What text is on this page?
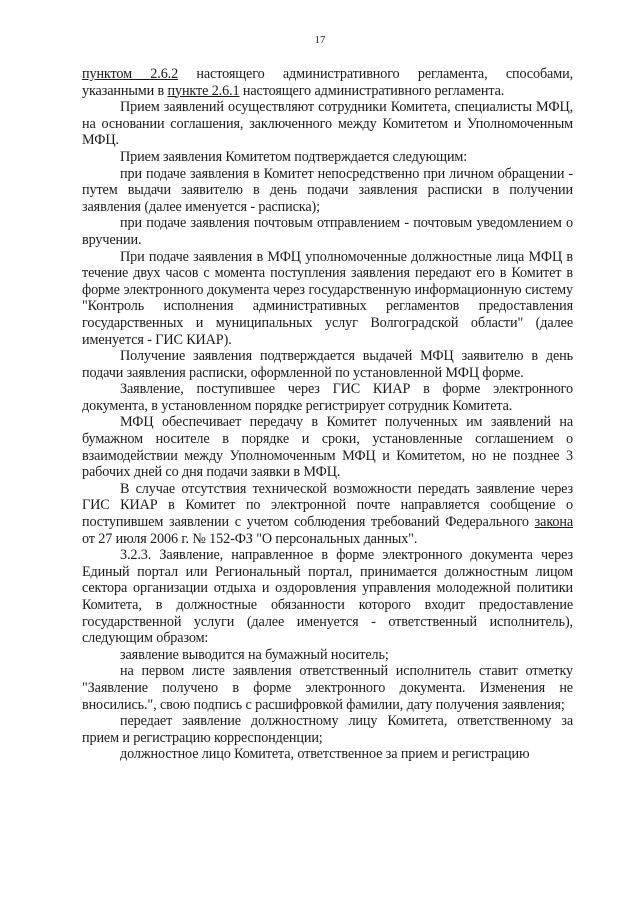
17

пунктом 2.6.2 настоящего административного регламента, способами, указанными в пункте 2.6.1 настоящего административного регламента.

Прием заявлений осуществляют сотрудники Комитета, специалисты МФЦ, на основании соглашения, заключенного между Комитетом и Уполномоченным МФЦ.

Прием заявления Комитетом подтверждается следующим:

при подаче заявления в Комитет непосредственно при личном обращении - путем выдачи заявителю в день подачи заявления расписки в получении заявления (далее именуется - расписка);

при подаче заявления почтовым отправлением - почтовым уведомлением о вручении.

При подаче заявления в МФЦ уполномоченные должностные лица МФЦ в течение двух часов с момента поступления заявления передают его в Комитет в форме электронного документа через государственную информационную систему "Контроль исполнения административных регламентов предоставления государственных и муниципальных услуг Волгоградской области" (далее именуется - ГИС КИАР).

Получение заявления подтверждается выдачей МФЦ заявителю в день подачи заявления расписки, оформленной по установленной МФЦ форме.

Заявление, поступившее через ГИС КИАР в форме электронного документа, в установленном порядке регистрирует сотрудник Комитета.

МФЦ обеспечивает передачу в Комитет полученных им заявлений на бумажном носителе в порядке и сроки, установленные соглашением о взаимодействии между Уполномоченным МФЦ и Комитетом, но не позднее 3 рабочих дней со дня подачи заявки в МФЦ.

В случае отсутствия технической возможности передать заявление через ГИС КИАР в Комитет по электронной почте направляется сообщение о поступившем заявлении с учетом соблюдения требований Федерального закона от 27 июля 2006 г. № 152-ФЗ "О персональных данных".

3.2.3. Заявление, направленное в форме электронного документа через Единый портал или Региональный портал, принимается должностным лицом сектора организации отдыха и оздоровления управления молодежной политики Комитета, в должностные обязанности которого входит предоставление государственной услуги (далее именуется - ответственный исполнитель), следующим образом:

заявление выводится на бумажный носитель;

на первом листе заявления ответственный исполнитель ставит отметку "Заявление получено в форме электронного документа. Изменения не вносились.", свою подпись с расшифровкой фамилии, дату получения заявления;

передает заявление должностному лицу Комитета, ответственному за прием и регистрацию корреспонденции;

должностное лицо Комитета, ответственное за прием и регистрацию
